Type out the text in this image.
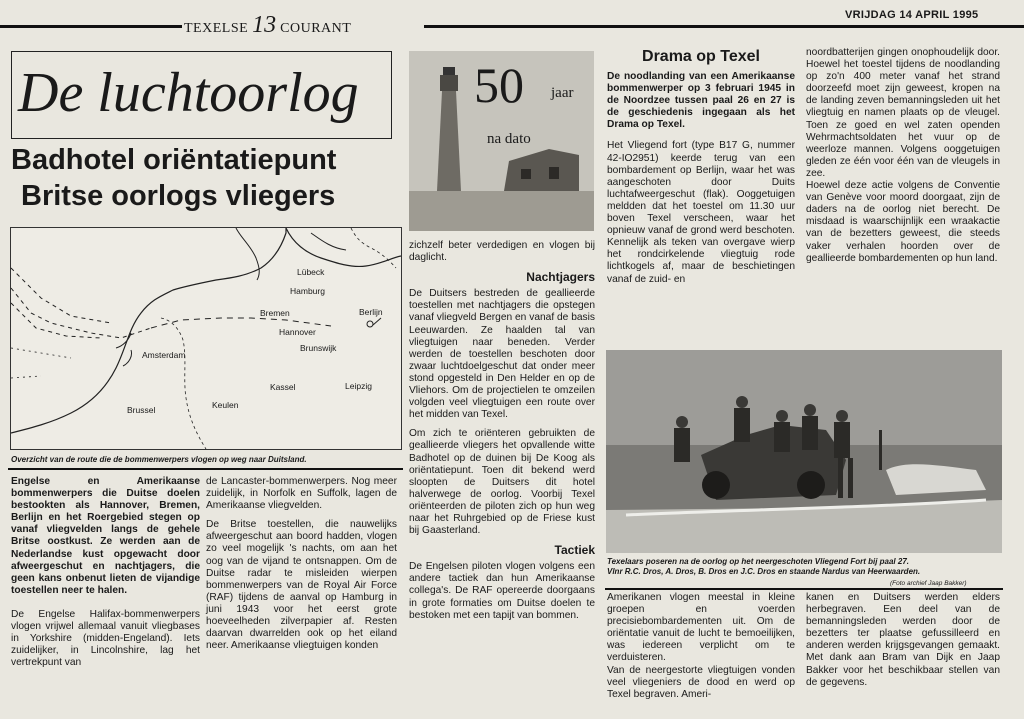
TEXELSE 13 COURANT
VRIJDAG 14 APRIL 1995
De luchtoorlog
Badhotel oriëntatiepunt
Britse oorlogs vliegers
Lübeck
Hamburg
Bremen	Berlijn
Hannover
Amsterdam
Brunswijk
Kassel	Leipzig
Keulen
Brussel
Overzicht van de route die de bommenwerpers vlogen op weg naar Duitsland.

Engelse en Amerikaanse bommenwerpers die Duitse doelen bestookten als Hannover, Bremen, Berlijn en het Roergebied stegen op vanaf vliegvelden langs de gehele Britse oostkust. Ze werden aan de Nederlandse kust opgewacht door afweergeschut en nachtjagers, die geen kans onbenut lieten de vijandige toestellen neer te halen.

De Engelse Halifax-bommenwerpers vlogen vrijwel allemaal vanuit vliegbases in Yorkshire (midden-Engeland). Iets zuidelijker, in Lincolnshire, lag het vertrekpunt van

de Lancaster-bommenwerpers. Nog meer zuidelijk, in Norfolk en Suffolk, lagen de Amerikaanse vliegvelden.

De Britse toestellen, die nauwelijks afweergeschut aan boord hadden, vlogen zo veel mogelijk 's nachts, om aan het oog van de vijand te ontsnappen. Om de Duitse radar te misleiden wierpen bommenwerpers van de Royal Air Force (RAF) tijdens de aanval op Hamburg in juni 1943 voor het eerst grote hoeveelheden zilverpapier af. Resten daarvan dwarrelden ook op het eiland neer. Amerikaanse vliegtuigen konden

50 jaar
na dato

zichzelf beter verdedigen en vlogen bij daglicht.

Nachtjagers

De Duitsers bestreden de geallieerde toestellen met nachtjagers die opstegen vanaf vliegveld Bergen en vanaf de basis Leeuwarden. Ze haalden tal van vliegtuigen naar beneden. Verder werden de toestellen beschoten door zwaar luchtdoelgeschut dat onder meer stond opgesteld in Den Helder en op de Vliehors. Om de projectielen te omzeilen volgden veel vliegtuigen een route over het midden van Texel.

Om zich te oriënteren gebruikten de geallieerde vliegers het opvallende witte Badhotel op de duinen bij De Koog als oriëntatiepunt. Toen dit bekend werd sloopten de Duitsers dit hotel halverwege de oorlog. Voorbij Texel oriënteerden de piloten zich op hun weg naar het Ruhrgebied op de Friese kust bij Gaasterland.

Tactiek

De Engelsen piloten vlogen volgens een andere tactiek dan hun Amerikaanse collega's. De RAF opereerde doorgaans in grote formaties om Duitse doelen te bestoken met een tapijt van bommen.

Drama op Texel

De noodlanding van een Amerikaanse bommenwerper op 3 februari 1945 in de Noordzee tussen paal 26 en 27 is de geschiedenis ingegaan als het Drama op Texel.

Het Vliegend fort (type B17 G, nummer 42-IO2951) keerde terug van een bombardement op Berlijn, waar het was aangeschoten door Duits luchtafweergeschut (flak). Ooggetuigen meldden dat het toestel om 11.30 uur boven Texel verscheen, waar het opnieuw vanaf de grond werd beschoten. Kennelijk als teken van overgave wierp het rondcirkelende vliegtuig rode lichtkogels af, maar de beschietingen vanaf de zuid- en

noordbatterijen gingen onophoudelijk door. Hoewel het toestel tijdens de noodlanding op zo'n 400 meter vanaf het strand doorzeefd moet zijn geweest, kropen na de landing zeven bemanningsleden uit het vliegtuig en namen plaats op de vleugel. Toen ze goed en wel zaten openden Wehrmachtsoldaten het vuur op de weerloze mannen. Volgens ooggetuigen gleden ze één voor één van de vleugels in zee.

Hoewel deze actie volgens de Conventie van Genève voor moord doorgaat, zijn de daders na de oorlog niet berecht. De misdaad is waarschijnlijk een wraakactie van de bezetters geweest, die steeds vaker verhalen hoorden over de geallieerde bombardementen op hun land.

Texelaars poseren na de oorlog op het neergeschoten Vliegend Fort bij paal 27.
Vlnr R.C. Dros, A. Dros, B. Dros en J.C. Dros en staande Nardus van Heerwaarden.
(Foto archief Jaap Bakker)
Amerikanen vlogen meestal in kleine groepen en voerden precisiebombardementen uit. Om de oriëntatie vanuit de lucht te bemoeilijken, was iedereen verplicht om te verduisteren.
Van de neergestorte vliegtuigen vonden veel vliegeniers de dood en werd op Texel begraven. Ameri-
kanen en Duitsers werden elders herbegraven. Een deel van de bemanningsleden werden door de bezetters ter plaatse gefussilleerd en anderen werden krijgsgevangen gemaakt. Met dank aan Bram van Dijk en Jaap Bakker voor het beschikbaar stellen van de gegevens.
